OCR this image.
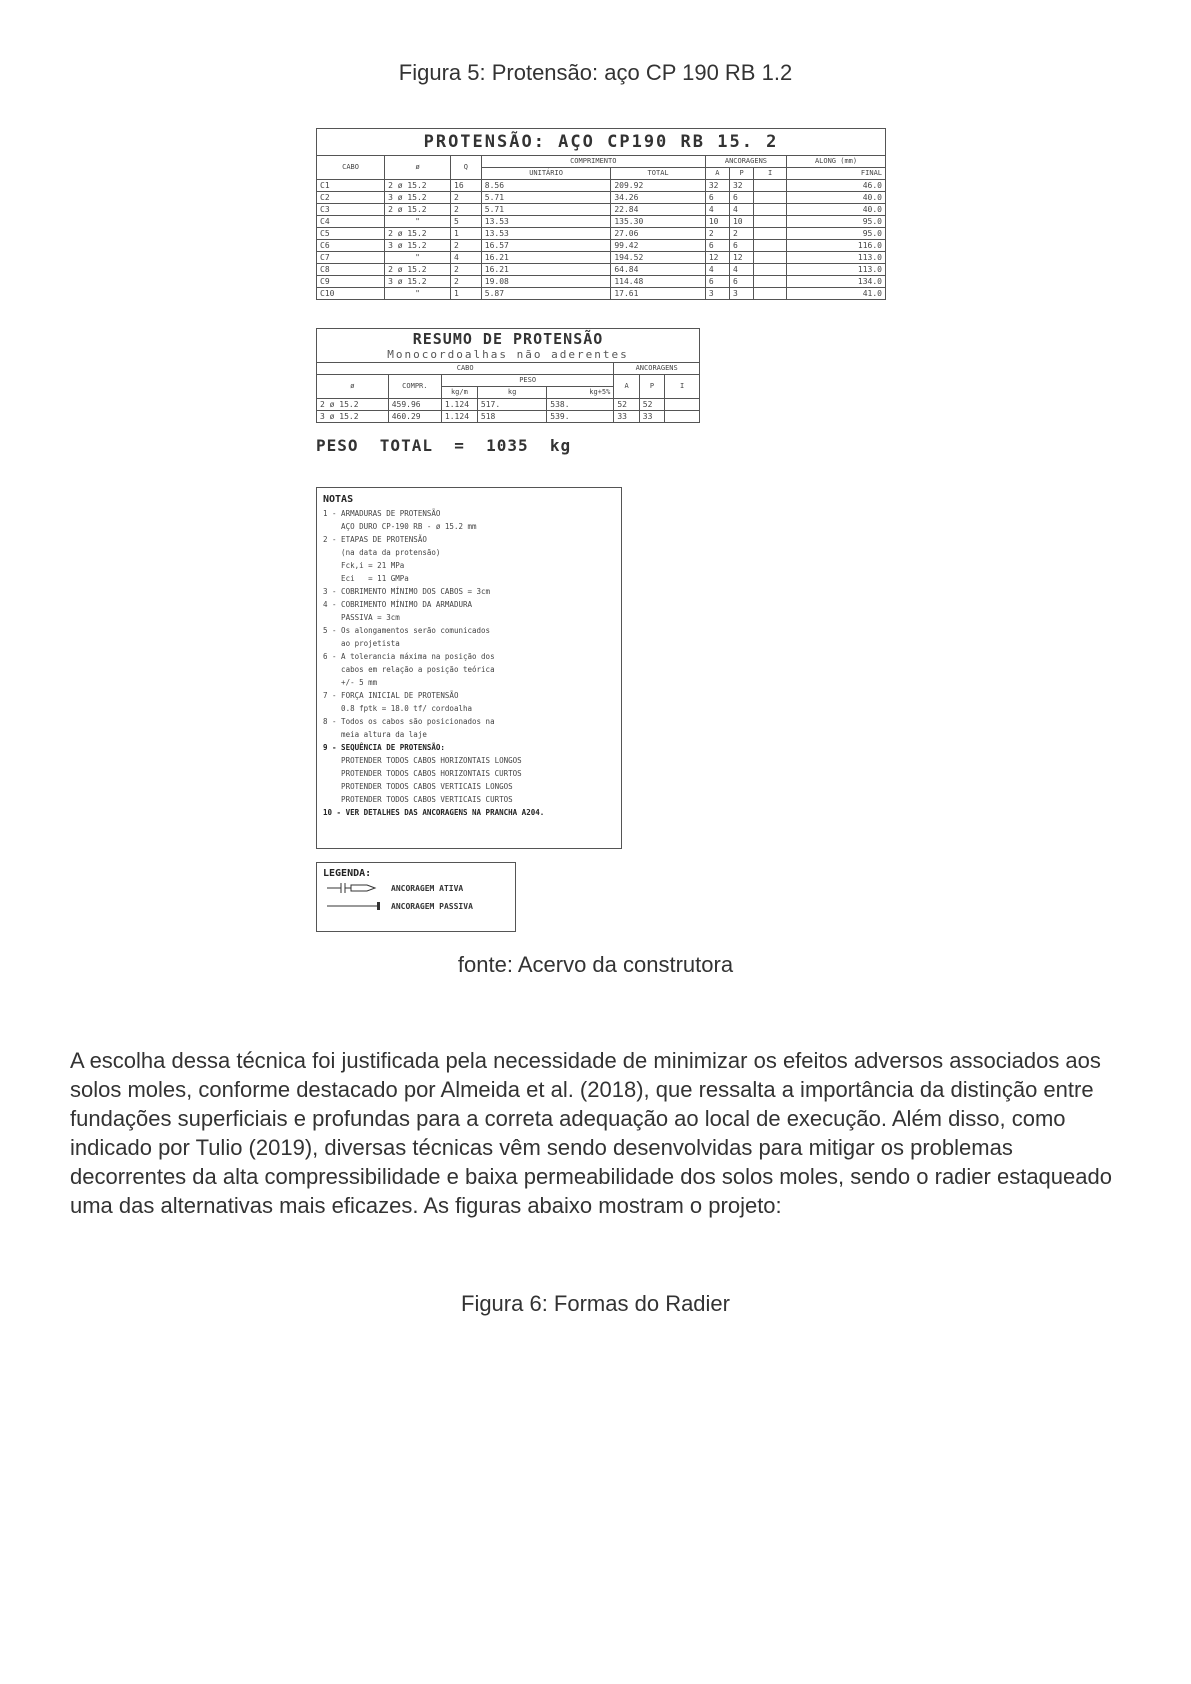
Figura 5: Protensão: aço CP 190 RB 1.2
PROTENSÃO: AÇO CP190 RB 15. 2								
CABO	ø	Q	COMPRIMENTO		ANCORAGENS			ALONG (mm)
			UNITÁRIO	TOTAL	A	P	I	FINAL
C1	2 ø 15.2	16	8.56	209.92	32	32		46.0
C2	3 ø 15.2	2	5.71	34.26	6	6		40.0
C3	2 ø 15.2	2	5.71	22.84	4	4		40.0
C4	"	5	13.53	135.30	10	10		95.0
C5	2 ø 15.2	1	13.53	27.06	2	2		95.0
C6	3 ø 15.2	2	16.57	99.42	6	6		116.0
C7	"	4	16.21	194.52	12	12		113.0
C8	2 ø 15.2	2	16.21	64.84	4	4		113.0
C9	3 ø 15.2	2	19.08	114.48	6	6		134.0
C10	"	1	5.87	17.61	3	3		41.0
RESUMO DE PROTENSÃO
Monocordoalhas não aderentes							

CABO					ANCORAGENS		
ø	COMPR.	PESO			A	P	I
		kg/m	kg	kg+5%			
2 ø 15.2	459.96	1.124	517.	538.	52	52	
3 ø 15.2	460.29	1.124	518	539.	33	33	
PESO  TOTAL  =  1035  kg
NOTAS
1 - ARMADURAS DE PROTENSÃO
AÇO DURO CP-190 RB - ø 15.2 mm
2 - ETAPAS DE PROTENSÃO
(na data da protensão)
Fck,i = 21 MPa
Eci   = 11 GMPa
3 - COBRIMENTO MÍNIMO DOS CABOS = 3cm
4 - COBRIMENTO MÍNIMO DA ARMADURA
PASSIVA = 3cm
5 - Os alongamentos serão comunicados
ao projetista
6 - A tolerancia máxima na posição dos
cabos em relação a posição teórica
+/- 5 mm
7 - FORÇA INICIAL DE PROTENSÃO
0.8 fptk = 18.0 tf/ cordoalha
8 - Todos os cabos são posicionados na
meia altura da laje
9 - SEQUÊNCIA DE PROTENSÃO:
PROTENDER TODOS CABOS HORIZONTAIS LONGOS
PROTENDER TODOS CABOS HORIZONTAIS CURTOS
PROTENDER TODOS CABOS VERTICAIS LONGOS
PROTENDER TODOS CABOS VERTICAIS CURTOS
10 - VER DETALHES DAS ANCORAGENS NA PRANCHA A204.
LEGENDA:
ANCORAGEM ATIVA
ANCORAGEM PASSIVA
fonte: Acervo da construtora

A escolha dessa técnica foi justificada pela necessidade de minimizar os efeitos adversos associados aos solos moles, conforme destacado por Almeida et al. (2018), que ressalta a importância da distinção entre fundações superficiais e profundas para a correta adequação ao local de execução. Além disso, como indicado por Tulio (2019), diversas técnicas vêm sendo desenvolvidas para mitigar os problemas decorrentes da alta compressibilidade e baixa permeabilidade dos solos moles, sendo o radier estaqueado uma das alternativas mais eficazes. As figuras abaixo mostram o projeto:

Figura 6: Formas do Radier
